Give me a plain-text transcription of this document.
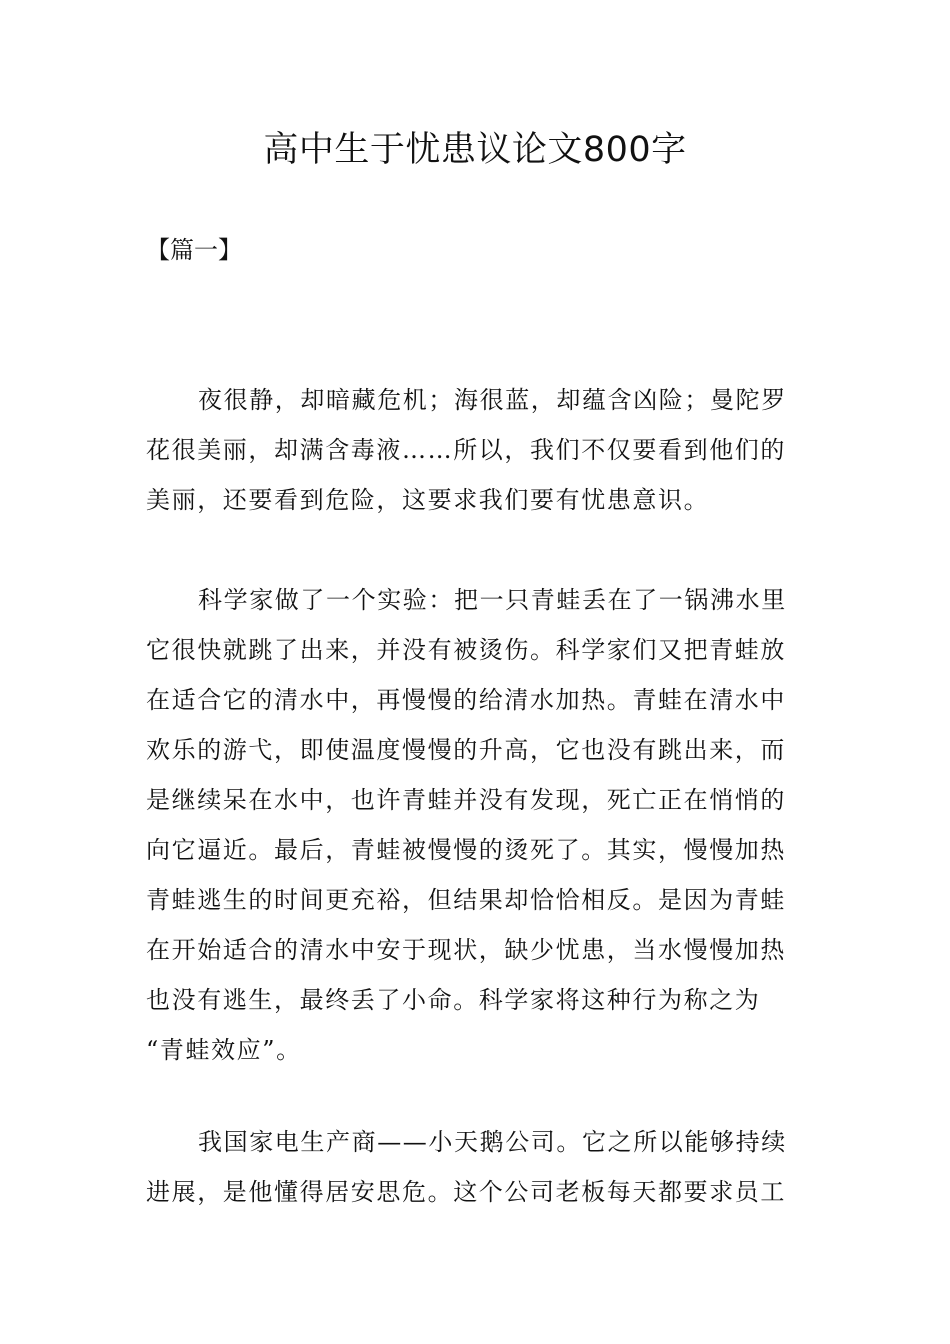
高中生于忧患议论文800字
【篇一】
夜很静，却暗藏危机；海很蓝，却蕴含凶险；曼陀罗
花很美丽，却满含毒液……所以，我们不仅要看到他们的
美丽，还要看到危险，这要求我们要有忧患意识。
科学家做了一个实验：把一只青蛙丢在了一锅沸水里
它很快就跳了出来，并没有被烫伤。科学家们又把青蛙放
在适合它的清水中，再慢慢的给清水加热。青蛙在清水中
欢乐的游弋，即使温度慢慢的升高，它也没有跳出来，而
是继续呆在水中，也许青蛙并没有发现，死亡正在悄悄的
向它逼近。最后，青蛙被慢慢的烫死了。其实，慢慢加热
青蛙逃生的时间更充裕，但结果却恰恰相反。是因为青蛙
在开始适合的清水中安于现状，缺少忧患，当水慢慢加热
也没有逃生，最终丢了小命。科学家将这种行为称之为
“青蛙效应”。
我国家电生产商——小天鹅公司。它之所以能够持续
进展，是他懂得居安思危。这个公司老板每天都要求员工
